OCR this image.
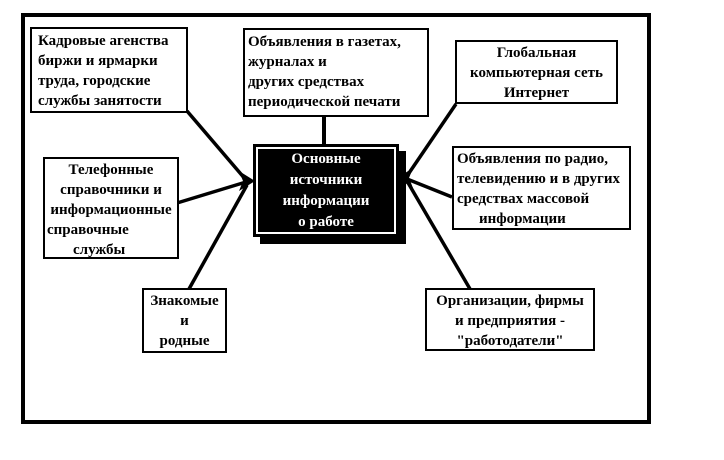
Кадровые агенства
биржи и ярмарки
труда, городские
службы занятости
Объявления в газетах,
журналах и
других средствах
периодической печати
Глобальная
компьютерная сеть
Интернет
Телефонные
справочники и
информационные
справочные
службы
Основные
источники
информации
о работе
Объявления по радио,
телевидению и в других
средствах массовой
информации
Знакомые
и
родные
Организации, фирмы
и предприятия -
"работодатели"
